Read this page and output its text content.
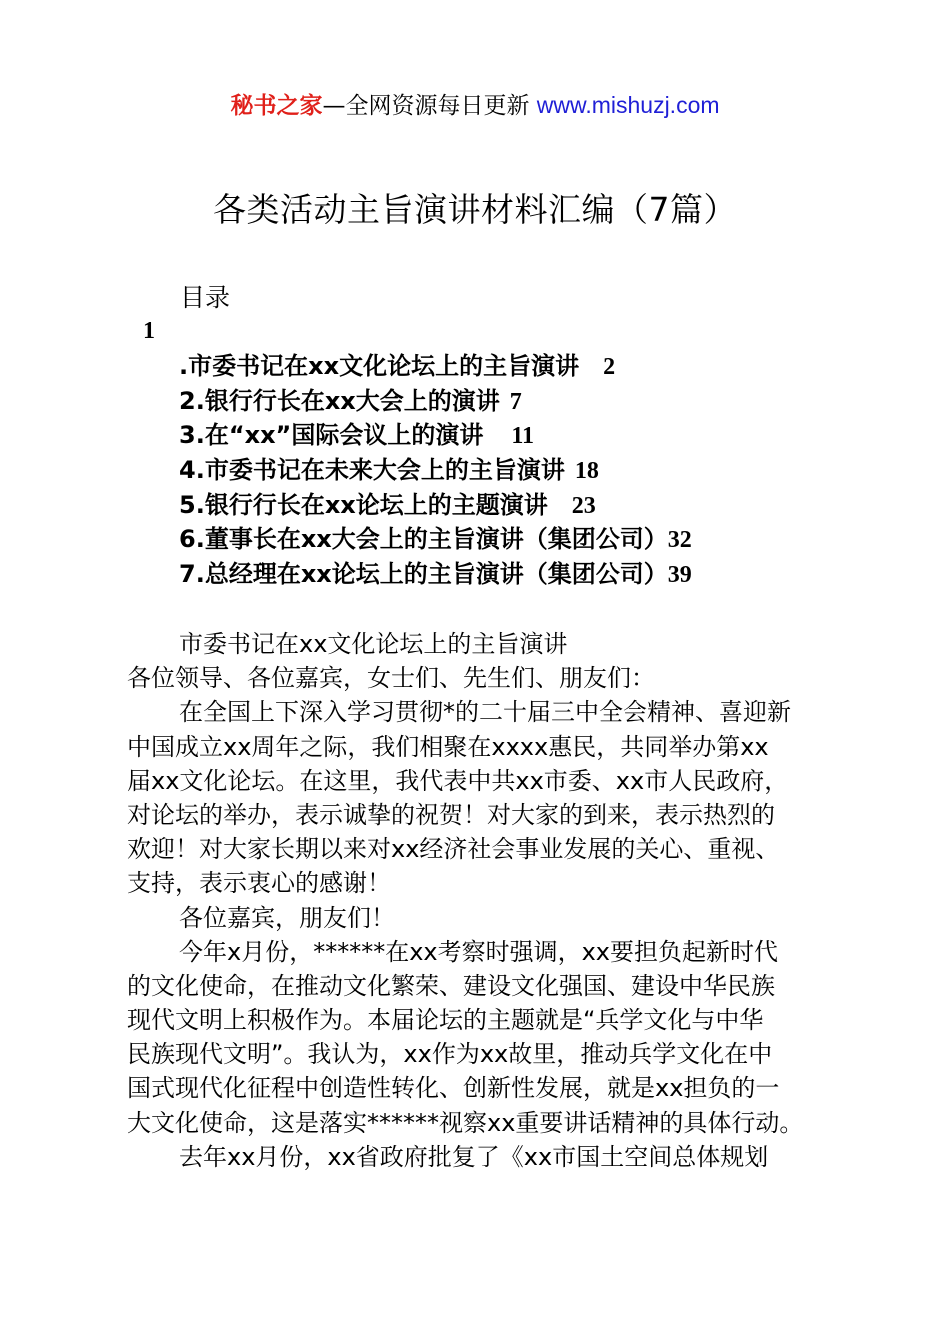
秘书之家—全网资源每日更新 www.mishuzj.com
各类活动主旨演讲材料汇编（7篇）
目录
1
.市委书记在xx文化论坛上的主旨演讲 2
2.银行行长在xx大会上的演讲 7
3.在“xx”国际会议上的演讲 11
4.市委书记在未来大会上的主旨演讲 18
5.银行行长在xx论坛上的主题演讲 23
6.董事长在xx大会上的主旨演讲（集团公司）32
7.总经理在xx论坛上的主旨演讲（集团公司）39
市委书记在xx文化论坛上的主旨演讲
各位领导、各位嘉宾，女士们、先生们、朋友们：
在全国上下深入学习贯彻*的二十届三中全会精神、喜迎新
中国成立xx周年之际，我们相聚在xxxx惠民，共同举办第xx
届xx文化论坛。在这里，我代表中共xx市委、xx市人民政府，
对论坛的举办，表示诚挚的祝贺！对大家的到来，表示热烈的
欢迎！对大家长期以来对xx经济社会事业发展的关心、重视、
支持，表示衷心的感谢！
各位嘉宾，朋友们！
今年x月份，******在xx考察时强调，xx要担负起新时代
的文化使命，在推动文化繁荣、建设文化强国、建设中华民族
现代文明上积极作为。本届论坛的主题就是“兵学文化与中华
民族现代文明”。我认为，xx作为xx故里，推动兵学文化在中
国式现代化征程中创造性转化、创新性发展，就是xx担负的一
大文化使命，这是落实******视察xx重要讲话精神的具体行动。
去年xx月份，xx省政府批复了《xx市国土空间总体规划
